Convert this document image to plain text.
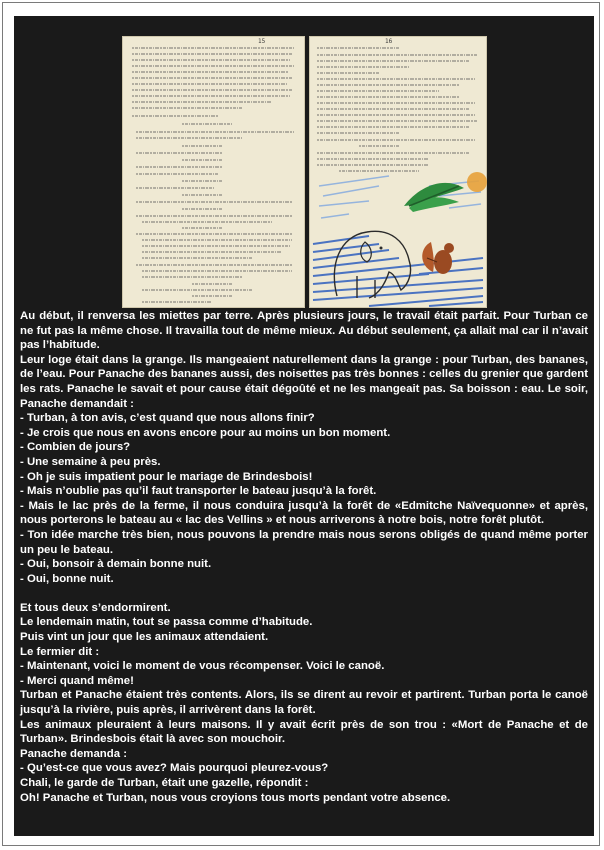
15	16

Au début, il renversa les miettes par terre. Après plusieurs jours, le travail était parfait. Pour Turban ce ne fut pas la même chose. Il travailla tout de même mieux. Au début seulement, ça allait mal car il n’avait pas l’habitude.

Leur loge était dans la grange. Ils mangeaient naturellement dans la grange : pour Turban, des bananes, de l’eau. Pour Panache des bananes aussi, des noisettes pas très bonnes : celles du grenier que gardent les rats. Panache le savait et pour cause était dégoûté et ne les mangeait pas. Sa boisson : eau. Le soir, Panache demandait :

- Turban, à ton avis, c’est quand que nous allons finir?

- Je crois que nous en avons encore pour au moins un bon moment.

- Combien de jours?

- Une semaine à peu près.

- Oh je suis impatient pour le mariage de Brindesbois!

- Mais n’oublie pas qu’il faut transporter le bateau jusqu’à la forêt.

- Mais le lac près de la ferme, il nous conduira jusqu’à la forêt de «Edmitche Naïvequonne» et après, nous porterons le bateau au « lac des Vellins » et nous arriverons à notre bois, notre forêt plutôt.

- Ton idée marche très bien, nous pouvons la prendre mais nous serons obligés de quand même porter un peu le bateau.

- Oui, bonsoir à demain bonne nuit.

- Oui, bonne nuit.

Et tous deux s’endormirent.

Le lendemain matin, tout se passa comme d’habitude.

Puis vint un jour que les animaux attendaient.

Le fermier dit :

- Maintenant, voici le moment de vous récompenser. Voici le canoë.

- Merci quand même!

Turban et Panache étaient très contents. Alors, ils se dirent au revoir et partirent. Turban porta le canoë jusqu’à la rivière, puis après, il arrivèrent dans la forêt.

Les animaux pleuraient à leurs maisons. Il y avait écrit près de son trou : «Mort de Panache et de Turban». Brindesbois était là avec son mouchoir.

Panache demanda :

- Qu’est-ce que vous avez? Mais pourquoi pleurez-vous?

Chali, le garde de Turban, était une gazelle, répondit :

Oh! Panache et Turban, nous vous croyions tous morts pendant votre absence.
